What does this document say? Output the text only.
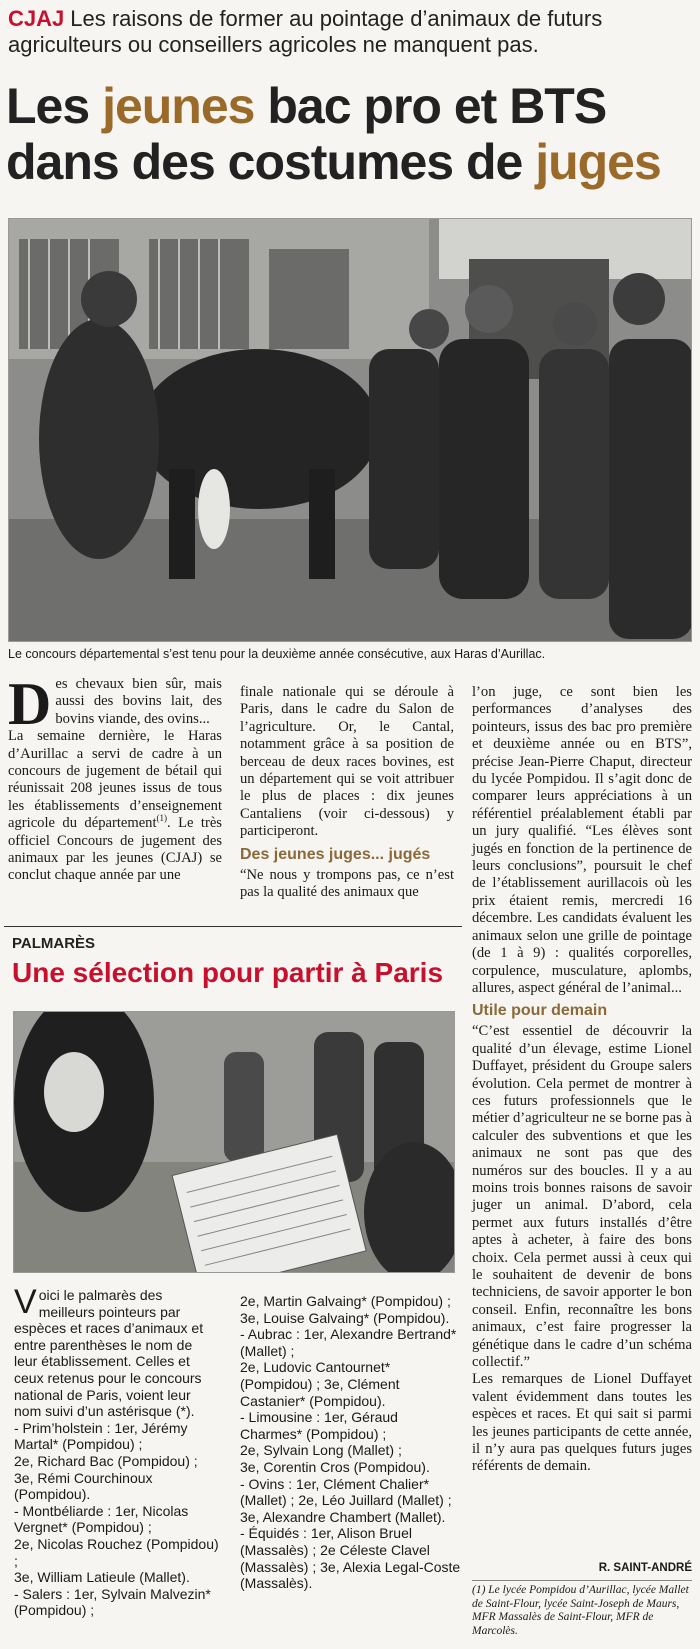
CJAJ Les raisons de former au pointage d’animaux de futurs agriculteurs ou conseillers agricoles ne manquent pas.
Les jeunes bac pro et BTS dans des costumes de juges
Le concours départemental s’est tenu pour la deuxième année consécutive, aux Haras d’Aurillac.
D es chevaux bien sûr, mais aussi des bovins lait, des bovins viande, des ovins...

La semaine dernière, le Haras d’Aurillac a servi de cadre à un concours de jugement de bétail qui réunissait 208 jeunes issus de tous les établissements d’enseignement agricole du département$^{(1)}$. Le très officiel Concours de jugement des animaux par les jeunes (CJAJ) se conclut chaque année par une

finale nationale qui se déroule à Paris, dans le cadre du Salon de l’agriculture. Or, le Cantal, notamment grâce à sa position de berceau de deux races bovines, est un département qui se voit attribuer le plus de places : dix jeunes Cantaliens (voir ci-dessous) y participeront.

Des jeunes juges... jugés

“Ne nous y trompons pas, ce n’est pas la qualité des animaux que

l’on juge, ce sont bien les performances d’analyses des pointeurs, issus des bac pro première et deuxième année ou en BTS”, précise Jean-Pierre Chaput, directeur du lycée Pompidou. Il s’agit donc de comparer leurs appréciations à un référentiel préalablement établi par un jury qualifié. “Les élèves sont jugés en fonction de la pertinence de leurs conclusions”, poursuit le chef de l’établissement aurillacois où les prix étaient remis, mercredi 16 décembre. Les candidats évaluent les animaux selon une grille de pointage (de 1 à 9) : qualités corporelles, corpulence, musculature, aplombs, allures, aspect général de l’animal...

Utile pour demain

“C’est essentiel de découvrir la qualité d’un élevage, estime Lionel Duffayet, président du Groupe salers évolution. Cela permet de montrer à ces futurs professionnels que le métier d’agriculteur ne se borne pas à calculer des subventions et que les animaux ne sont pas que des numéros sur des boucles. Il y a au moins trois bonnes raisons de savoir juger un animal. D’abord, cela permet aux futurs installés d’être aptes à acheter, à faire des bons choix. Cela permet aussi à ceux qui le souhaitent de devenir de bons techniciens, de savoir apporter le bon conseil. Enfin, reconnaître les bons animaux, c’est faire progresser la génétique dans le cadre d’un schéma collectif.”

Les remarques de Lionel Duffayet valent évidemment dans toutes les espèces et races. Et qui sait si parmi les jeunes participants de cette année, il n’y aura pas quelques futurs juges référents de demain.

R. SAINT-ANDRÉ
(1) Le lycée Pompidou d’Aurillac, lycée Mallet de Saint-Flour, lycée Saint-Joseph de Maurs, MFR Massalès de Saint-Flour, MFR de Marcolès.
PALMARÈS
Une sélection pour partir à Paris

Voici le palmarès des meilleurs pointeurs par espèces et races d’animaux et entre parenthèses le nom de leur établissement. Celles et ceux retenus pour le concours national de Paris, voient leur nom suivi d’un astérisque (*).

- Prim’holstein : 1er, Jérémy Martal* (Pompidou) ;

2e, Richard Bac (Pompidou) ;

3e, Rémi Courchinoux (Pompidou).

- Montbéliarde : 1er, Nicolas Vergnet* (Pompidou) ;

2e, Nicolas Rouchez (Pompidou) ;

3e, William Latieule (Mallet).

- Salers : 1er, Sylvain Malvezin* (Pompidou) ;

2e, Martin Galvaing* (Pompidou) ; 3e, Louise Galvaing* (Pompidou).

- Aubrac : 1er, Alexandre Bertrand* (Mallet) ;

2e, Ludovic Cantournet* (Pompidou) ; 3e, Clément Castanier* (Pompidou).

- Limousine : 1er, Géraud Charmes* (Pompidou) ;

2e, Sylvain Long (Mallet) ;

3e, Corentin Cros (Pompidou).

- Ovins : 1er, Clément Chalier* (Mallet) ; 2e, Léo Juillard (Mallet) ; 3e, Alexandre Chambert (Mallet).

- Équidés : 1er, Alison Bruel (Massalès) ; 2e Céleste Clavel (Massalès) ; 3e, Alexia Legal-Coste (Massalès).
